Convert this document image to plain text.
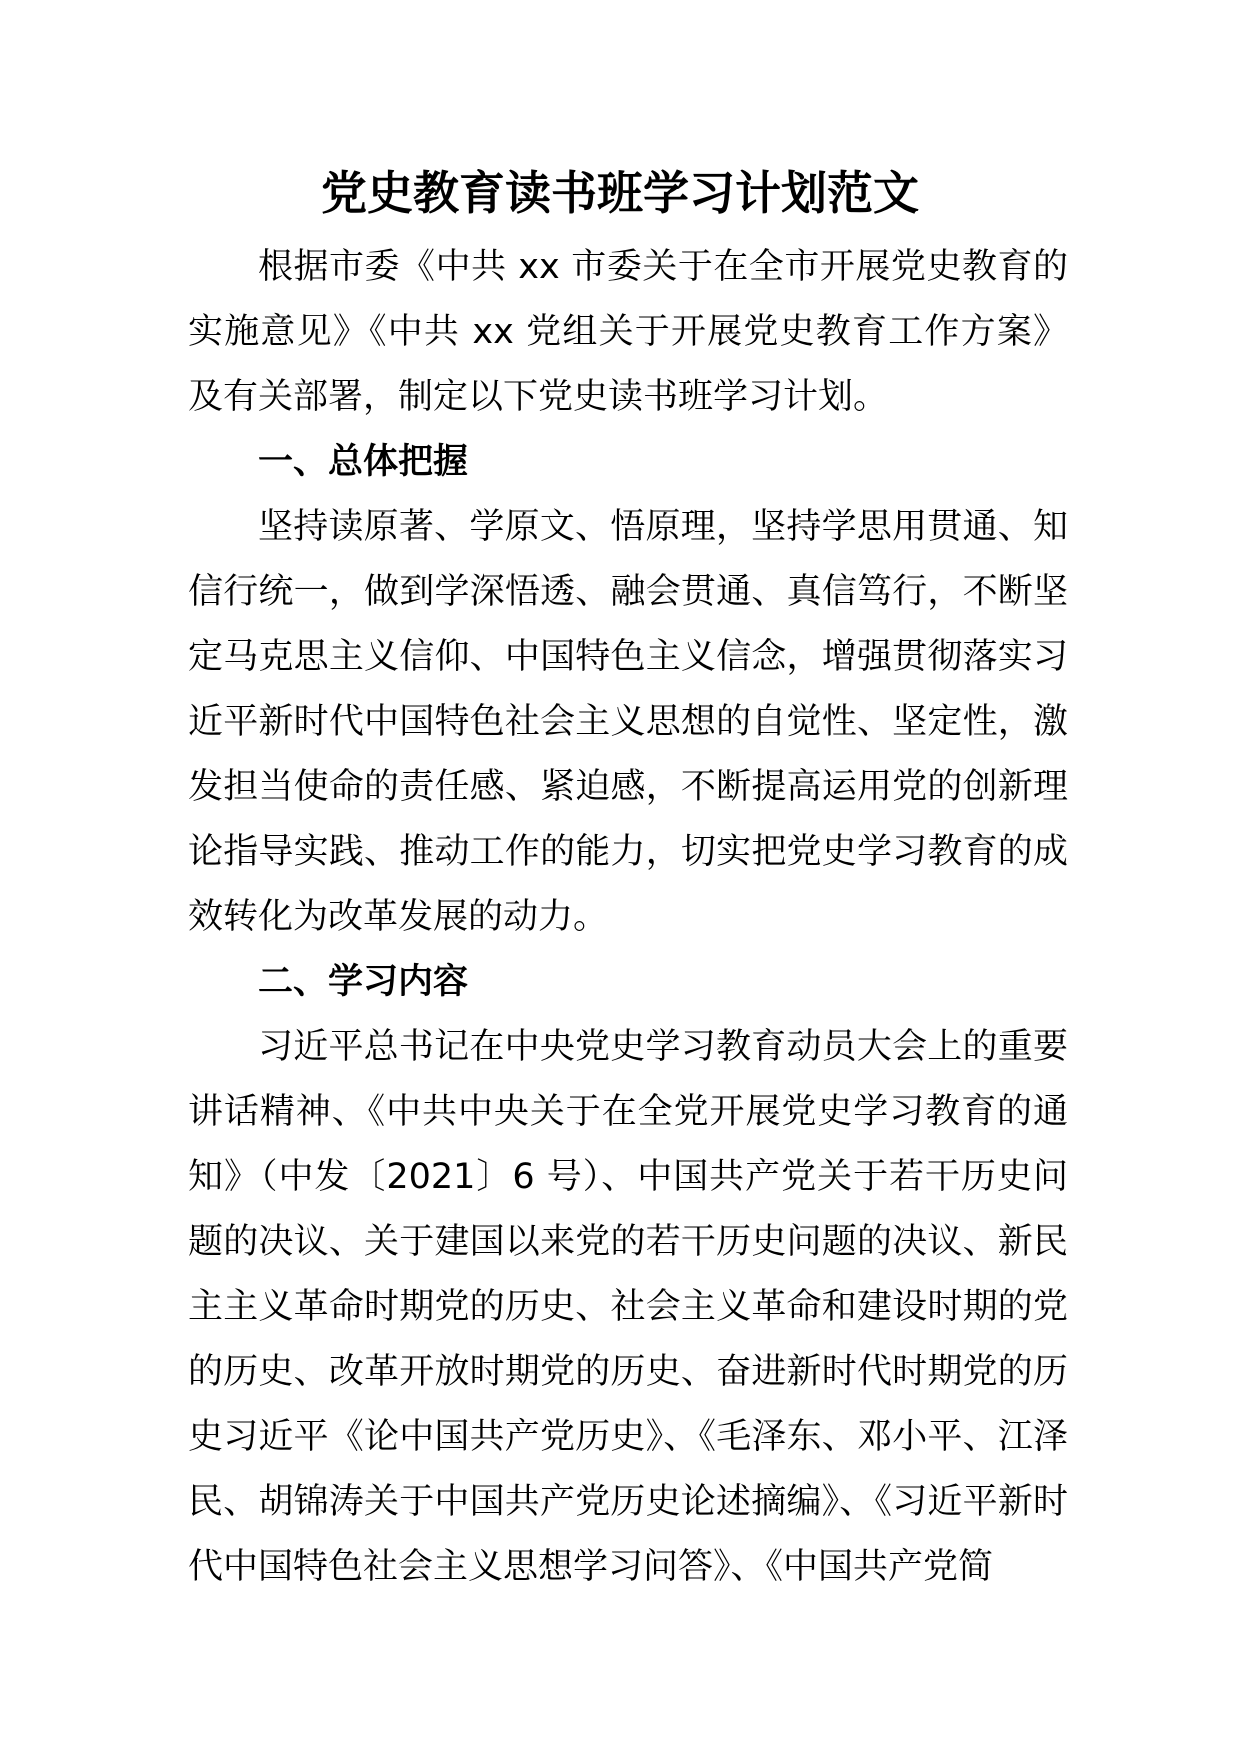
党史教育读书班学习计划范文

根据市委《中共 xx 市委关于在全市开展党史教育的实施意见》《中共 xx 党组关于开展党史教育工作方案》及有关部署，制定以下党史读书班学习计划。

一、总体把握

坚持读原著、学原文、悟原理，坚持学思用贯通、知信行统一，做到学深悟透、融会贯通、真信笃行，不断坚定马克思主义信仰、中国特色主义信念，增强贯彻落实习近平新时代中国特色社会主义思想的自觉性、坚定性，激发担当使命的责任感、紧迫感，不断提高运用党的创新理论指导实践、推动工作的能力，切实把党史学习教育的成效转化为改革发展的动力。

二、学习内容

习近平总书记在中央党史学习教育动员大会上的重要讲话精神、《中共中央关于在全党开展党史学习教育的通知》（中发〔2021〕6 号）、中国共产党关于若干历史问题的决议、关于建国以来党的若干历史问题的决议、新民主主义革命时期党的历史、社会主义革命和建设时期的党的历史、改革开放时期党的历史、奋进新时代时期党的历史习近平《论中国共产党历史》、《毛泽东、邓小平、江泽民、胡锦涛关于中国共产党历史论述摘编》、《习近平新时代中国特色社会主义思想学习问答》、《中国共产党简
